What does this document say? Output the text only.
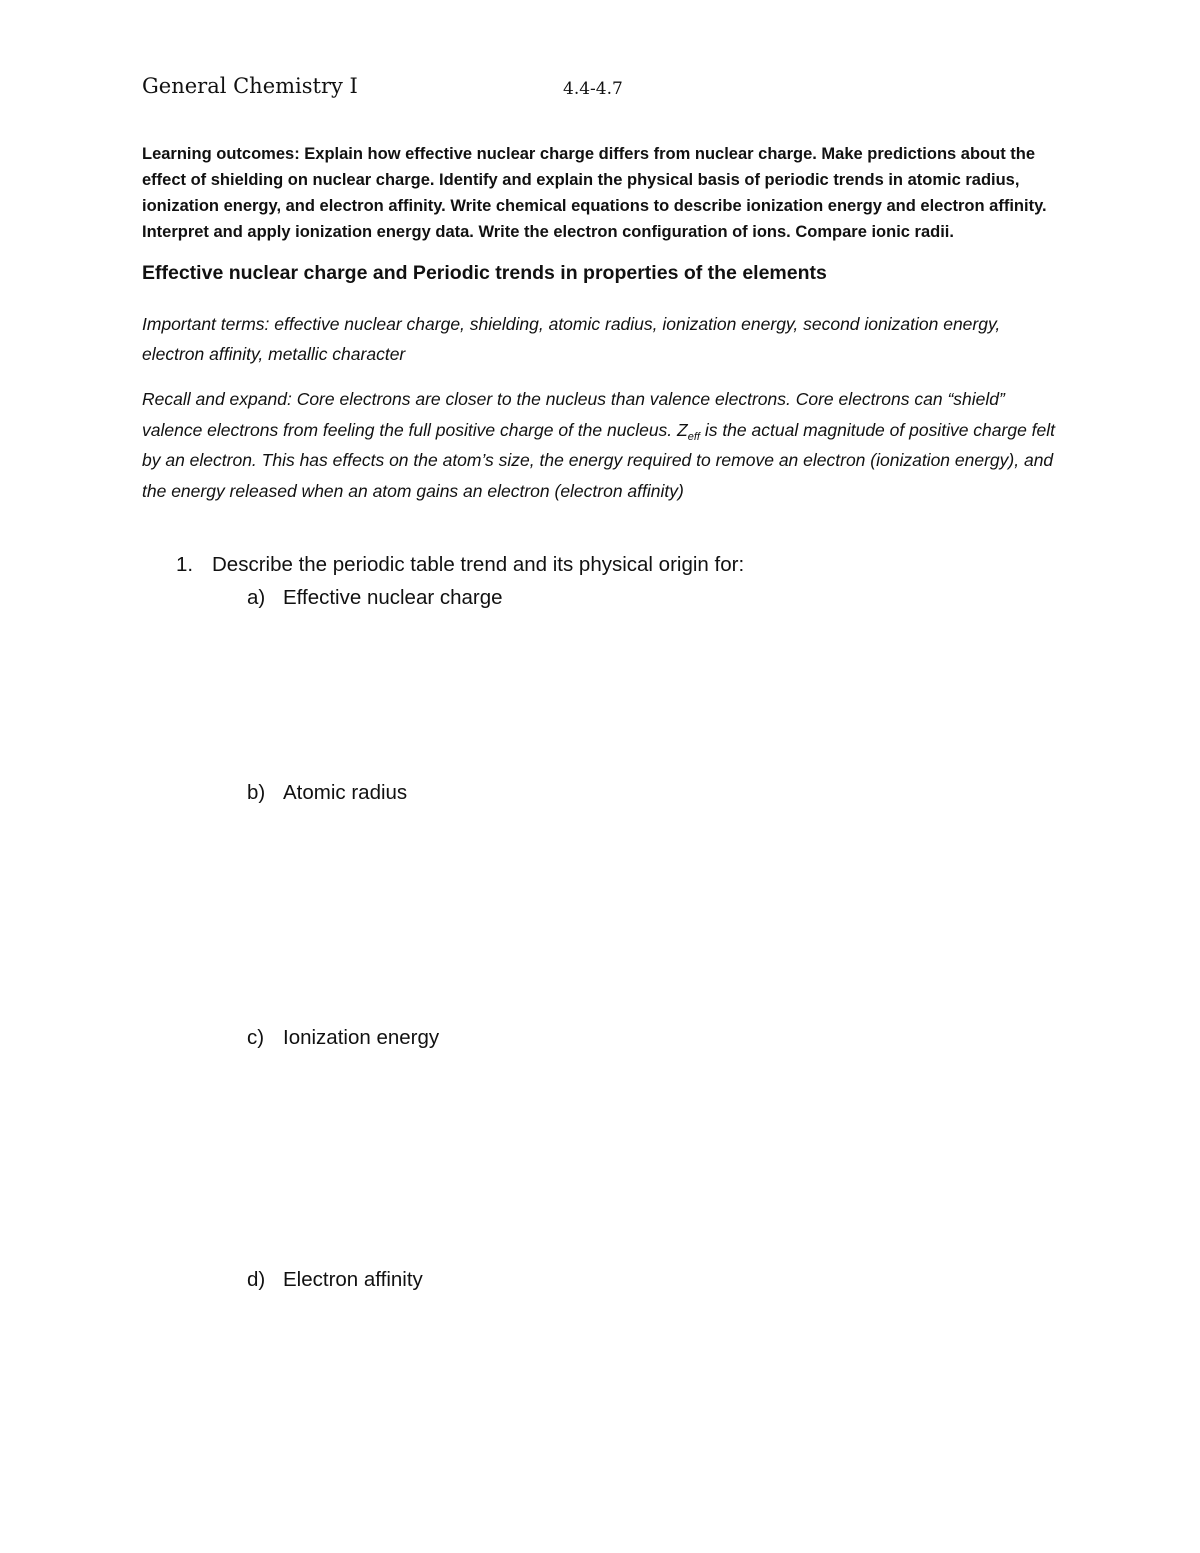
General Chemistry I	4.4-4.7
Learning outcomes: Explain how effective nuclear charge differs from nuclear charge. Make predictions about the effect of shielding on nuclear charge. Identify and explain the physical basis of periodic trends in atomic radius, ionization energy, and electron affinity. Write chemical equations to describe ionization energy and electron affinity. Interpret and apply ionization energy data. Write the electron configuration of ions. Compare ionic radii.
Effective nuclear charge and Periodic trends in properties of the elements
Important terms: effective nuclear charge, shielding, atomic radius, ionization energy, second ionization energy, electron affinity, metallic character
Recall and expand: Core electrons are closer to the nucleus than valence electrons. Core electrons can “shield” valence electrons from feeling the full positive charge of the nucleus. $Z_{eff}$ is the actual magnitude of positive charge felt by an electron. This has effects on the atom’s size, the energy required to remove an electron (ionization energy), and the energy released when an atom gains an electron (electron affinity)
1. Describe the periodic table trend and its physical origin for:
a) Effective nuclear charge
b) Atomic radius
c) Ionization energy
d) Electron affinity
